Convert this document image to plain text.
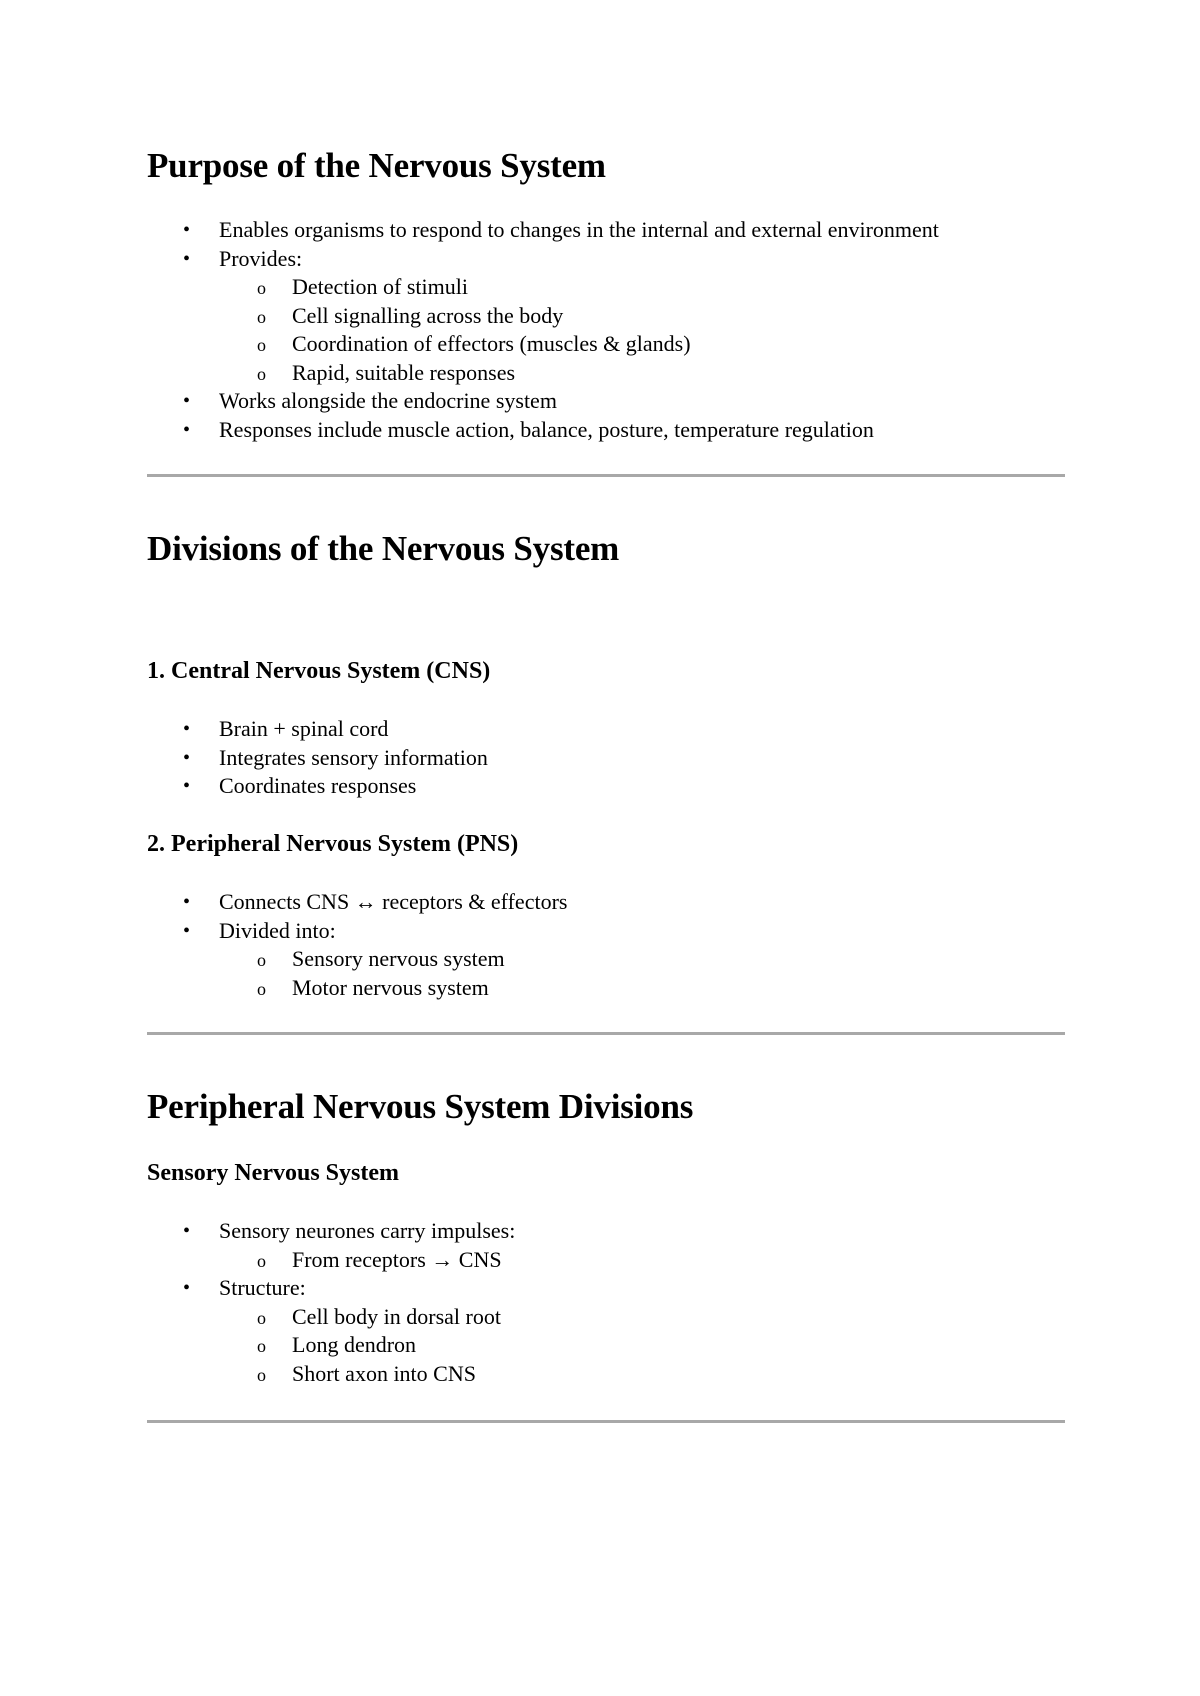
Purpose of the Nervous System
• Enables organisms to respond to changes in the internal and external environment
• Provides:
o Detection of stimuli
o Cell signalling across the body
o Coordination of effectors (muscles & glands)
o Rapid, suitable responses
• Works alongside the endocrine system
• Responses include muscle action, balance, posture, temperature regulation
Divisions of the Nervous System
1. Central Nervous System (CNS)
• Brain + spinal cord
• Integrates sensory information
• Coordinates responses
2. Peripheral Nervous System (PNS)
• Connects CNS ↔ receptors & effectors
• Divided into:
o Sensory nervous system
o Motor nervous system
Peripheral Nervous System Divisions
Sensory Nervous System
• Sensory neurones carry impulses:
o From receptors → CNS
• Structure:
o Cell body in dorsal root
o Long dendron
o Short axon into CNS
